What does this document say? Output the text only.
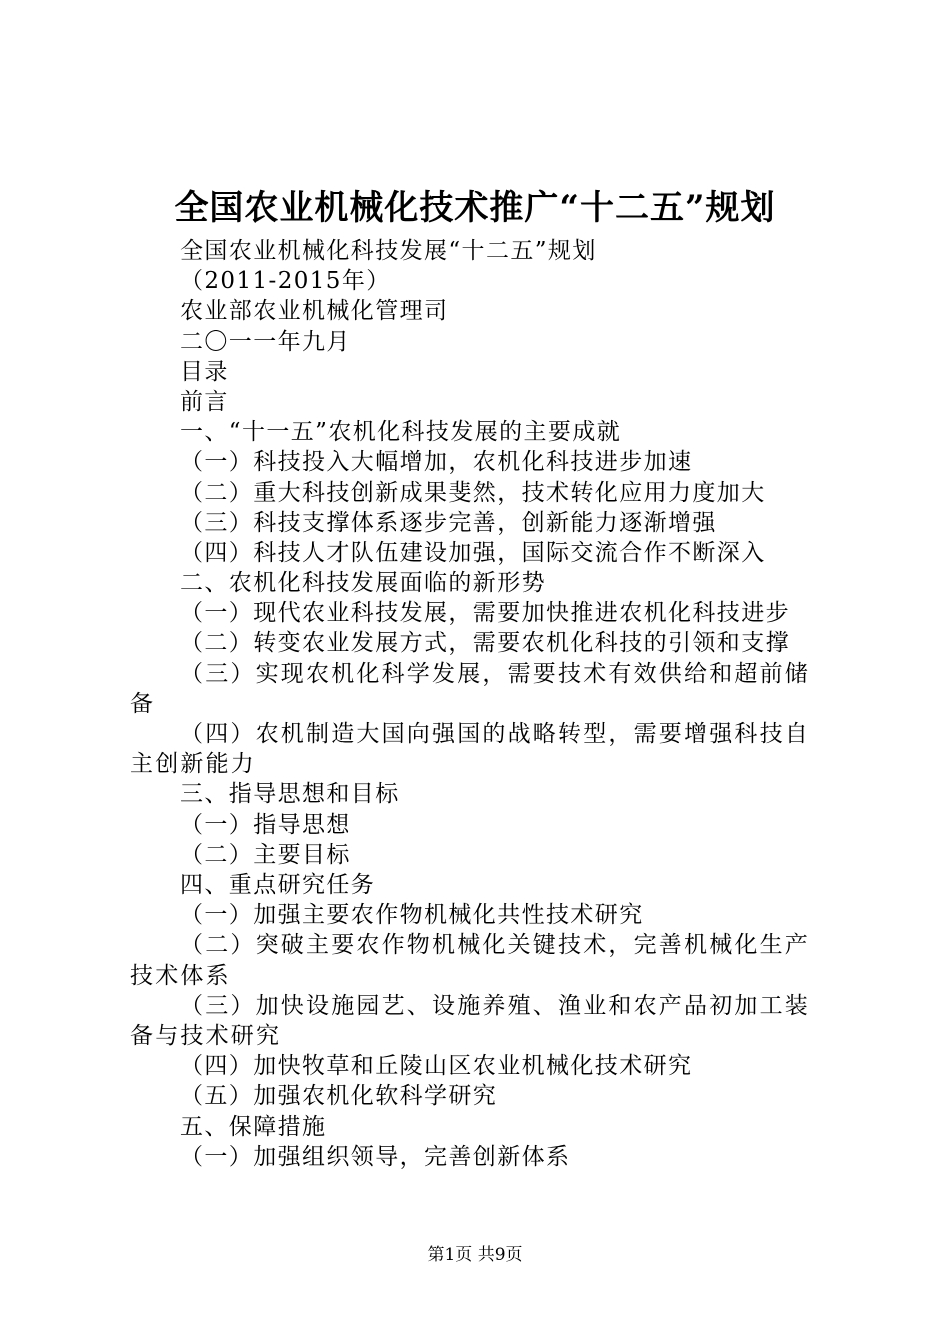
全国农业机械化技术推广“十二五”规划
全国农业机械化科技发展“十二五”规划
（2011-2015年）
农业部农业机械化管理司
二〇一一年九月
目录
前言
一、“十一五”农机化科技发展的主要成就
（一）科技投入大幅增加，农机化科技进步加速
（二）重大科技创新成果斐然，技术转化应用力度加大
（三）科技支撑体系逐步完善，创新能力逐渐增强
（四）科技人才队伍建设加强，国际交流合作不断深入
二、农机化科技发展面临的新形势
（一）现代农业科技发展，需要加快推进农机化科技进步
（二）转变农业发展方式，需要农机化科技的引领和支撑
（三）实现农机化科学发展，需要技术有效供给和超前储备
（四）农机制造大国向强国的战略转型，需要增强科技自主创新能力
三、指导思想和目标
（一）指导思想
（二）主要目标
四、重点研究任务
（一）加强主要农作物机械化共性技术研究
（二）突破主要农作物机械化关键技术，完善机械化生产技术体系
（三）加快设施园艺、设施养殖、渔业和农产品初加工装备与技术研究
（四）加快牧草和丘陵山区农业机械化技术研究
（五）加强农机化软科学研究
五、保障措施
（一）加强组织领导，完善创新体系
第1页 共9页
